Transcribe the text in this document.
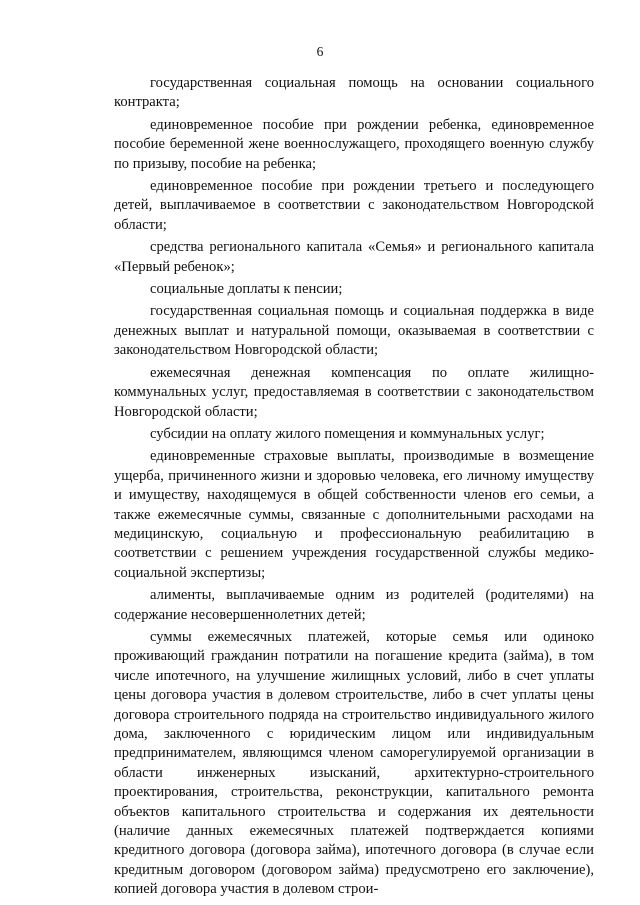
6

государственная социальная помощь на основании социального контракта;

единовременное пособие при рождении ребенка, единовременное пособие беременной жене военнослужащего, проходящего военную службу по призыву, пособие на ребенка;

единовременное пособие при рождении третьего и последующего детей, выплачиваемое в соответствии с законодательством Новгородской области;

средства регионального капитала «Семья» и регионального капитала «Первый ребенок»;

социальные доплаты к пенсии;

государственная социальная помощь и социальная поддержка в виде денежных выплат и натуральной помощи, оказываемая в соответствии с законодательством Новгородской области;

ежемесячная денежная компенсация по оплате жилищно-коммунальных услуг, предоставляемая в соответствии с законодательством Новгородской области;

субсидии на оплату жилого помещения и коммунальных услуг;

единовременные страховые выплаты, производимые в возмещение ущерба, причиненного жизни и здоровью человека, его личному имуществу и имуществу, находящемуся в общей собственности членов его семьи, а также ежемесячные суммы, связанные с дополнительными расходами на медицинскую, социальную и профессиональную реабилитацию в соответствии с решением учреждения государственной службы медико-социальной экспертизы;

алименты, выплачиваемые одним из родителей (родителями) на содержание несовершеннолетних детей;

суммы ежемесячных платежей, которые семья или одиноко проживающий гражданин потратили на погашение кредита (займа), в том числе ипотечного, на улучшение жилищных условий, либо в счет уплаты цены договора участия в долевом строительстве, либо в счет уплаты цены договора строительного подряда на строительство индивидуального жилого дома, заключенного с юридическим лицом или индивидуальным предпринимателем, являющимся членом саморегулируемой организации в области инженерных изысканий, архитектурно-строительного проектирования, строительства, реконструкции, капитального ремонта объектов капитального строительства и содержания их деятельности (наличие данных ежемесячных платежей подтверждается копиями кредитного договора (договора займа), ипотечного договора (в случае если кредитным договором (договором займа) предусмотрено его заключение), копией договора участия в долевом строи-
